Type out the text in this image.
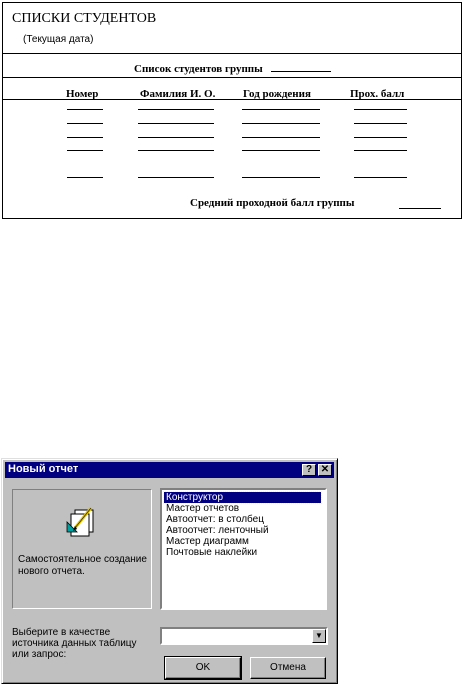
СПИСКИ СТУДЕНТОВ
(Текущая дата)
Список студентов группы
Номер	Фамилия И. О.	Год рождения	Прох. балл
Средний проходной балл группы
Новый отчет	? ✕
Самостоятельное создание нового отчета.
Конструктор
Мастер отчетов
Автоотчет: в столбец
Автоотчет: ленточный
Мастер диаграмм
Почтовые наклейки
Выберите в качестве источника данных таблицу или запрос:
▼
OK	Отмена
